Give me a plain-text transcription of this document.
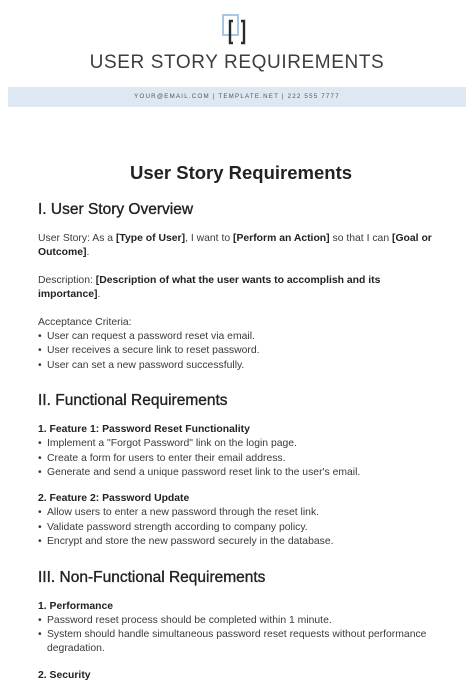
USER STORY REQUIREMENTS
YOUR@EMAIL.COM | TEMPLATE.NET | 222 555 7777
User Story Requirements
I. User Story Overview

User Story: As a [Type of User], I want to [Perform an Action] so that I can [Goal or Outcome].

Description: [Description of what the user wants to accomplish and its importance].

Acceptance Criteria:

• User can request a password reset via email.
• User receives a secure link to reset password.
• User can set a new password successfully.
II. Functional Requirements

1. Feature 1: Password Reset Functionality

• Implement a "Forgot Password" link on the login page.
• Create a form for users to enter their email address.
• Generate and send a unique password reset link to the user's email.

2. Feature 2: Password Update

• Allow users to enter a new password through the reset link.
• Validate password strength according to company policy.
• Encrypt and store the new password securely in the database.
III. Non-Functional Requirements

1. Performance

• Password reset process should be completed within 1 minute.
• System should handle simultaneous password reset requests without performance degradation.

2. Security
